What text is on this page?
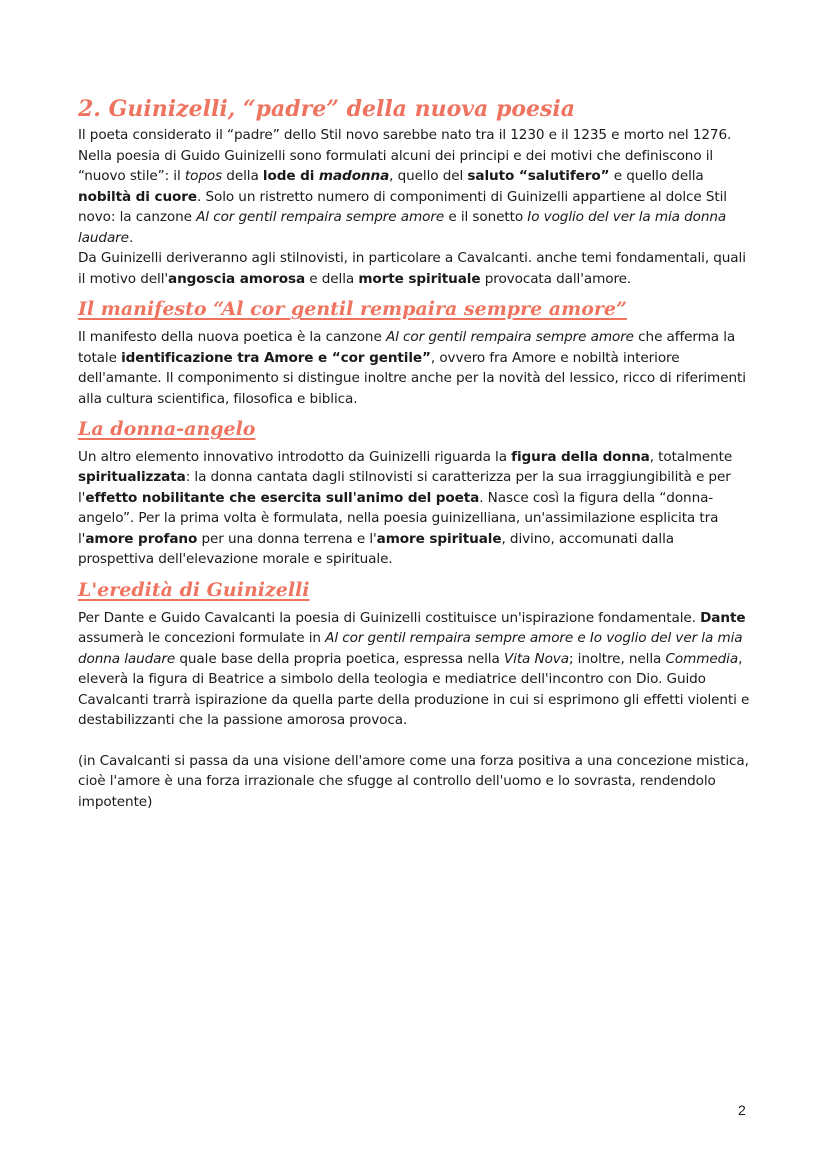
2. Guinizelli, “padre” della nuova poesia

Il poeta considerato il “padre” dello Stil novo sarebbe nato tra il 1230 e il 1235 e morto nel 1276. Nella poesia di Guido Guinizelli sono formulati alcuni dei principi e dei motivi che definiscono il “nuovo stile”: il topos della lode di madonna, quello del saluto “salutifero” e quello della nobiltà di cuore. Solo un ristretto numero di componimenti di Guinizelli appartiene al dolce Stil novo: la canzone Al cor gentil rempaira sempre amore e il sonetto Io voglio del ver la mia donna laudare.

Da Guinizelli deriveranno agli stilnovisti, in particolare a Cavalcanti. anche temi fondamentali, quali il motivo dell'angoscia amorosa e della morte spirituale provocata dall'amore.

Il manifesto “Al cor gentil rempaira sempre amore”

Il manifesto della nuova poetica è la canzone Al cor gentil rempaira sempre amore che afferma la totale identificazione tra Amore e “cor gentile”, ovvero fra Amore e nobiltà interiore dell'amante. Il componimento si distingue inoltre anche per la novità del lessico, ricco di riferimenti alla cultura scientifica, filosofica e biblica.

La donna-angelo

Un altro elemento innovativo introdotto da Guinizelli riguarda la figura della donna, totalmente spiritualizzata: la donna cantata dagli stilnovisti si caratterizza per la sua irraggiungibilità e per l'effetto nobilitante che esercita sull'animo del poeta. Nasce così la figura della “donna-angelo”. Per la prima volta è formulata, nella poesia guinizelliana, un'assimilazione esplicita tra l'amore profano per una donna terrena e l'amore spirituale, divino, accomunati dalla prospettiva dell'elevazione morale e spirituale.

L'eredità di Guinizelli

Per Dante e Guido Cavalcanti la poesia di Guinizelli costituisce un'ispirazione fondamentale. Dante assumerà le concezioni formulate in Al cor gentil rempaira sempre amore e Io voglio del ver la mia donna laudare quale base della propria poetica, espressa nella Vita Nova; inoltre, nella Commedia, eleverà la figura di Beatrice a simbolo della teologia e mediatrice dell'incontro con Dio. Guido Cavalcanti trarrà ispirazione da quella parte della produzione in cui si esprimono gli effetti violenti e destabilizzanti che la passione amorosa provoca.

(in Cavalcanti si passa da una visione dell'amore come una forza positiva a una concezione mistica, cioè l'amore è una forza irrazionale che sfugge al controllo dell'uomo e lo sovrasta, rendendolo impotente)

2
